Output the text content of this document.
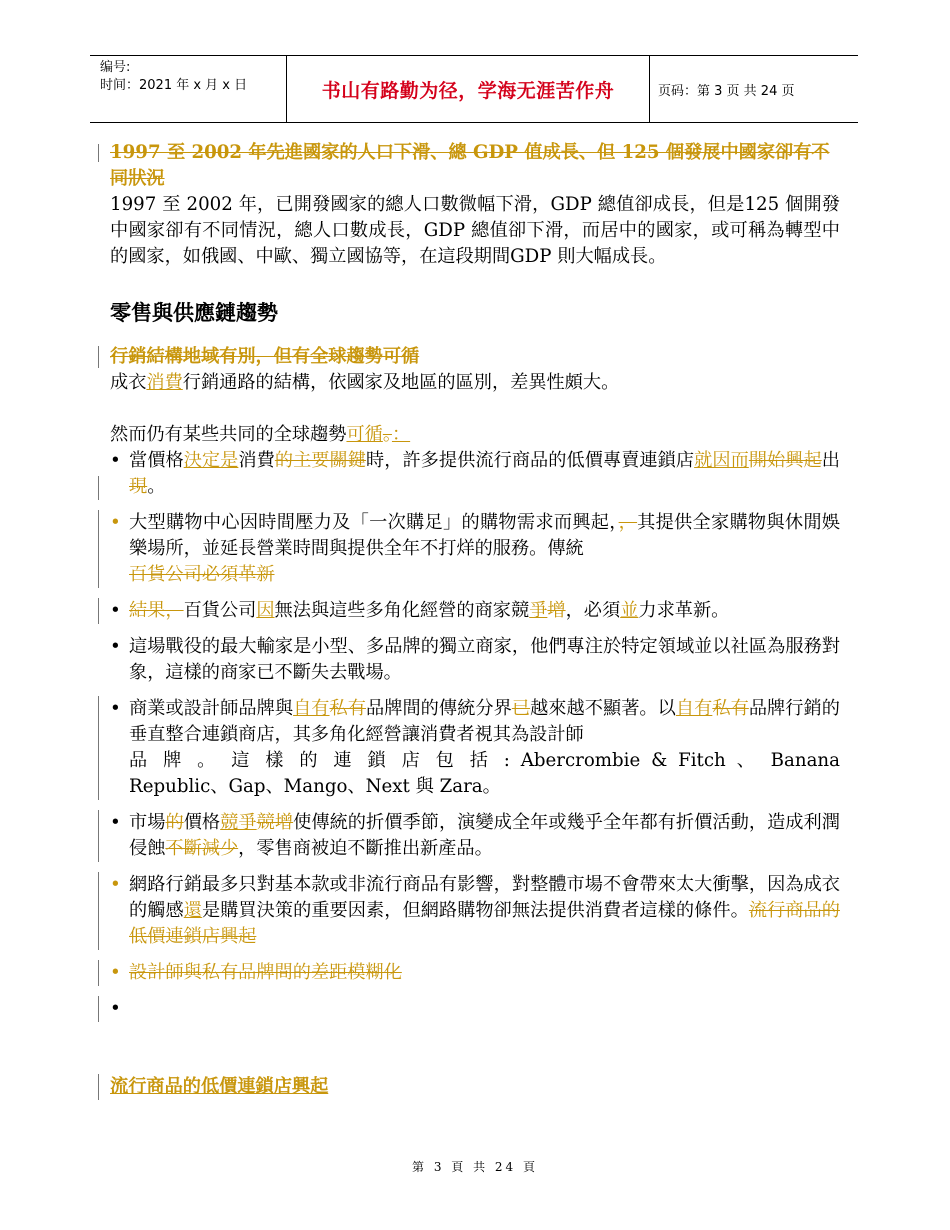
编号:
时间：2021 年 x 月 x 日	书山有路勤为径，学海无涯苦作舟	页码：第 3 页 共 24 页
1997 至 2002 年先進國家的人口下滑、總 GDP 值成長、但 125 個發展中國家卻有不同狀況
1997 至 2002 年，已開發國家的總人口數微幅下滑，GDP 總值卻成長，但是125 個開發中國家卻有不同情況，總人口數成長，GDP 總值卻下滑，而居中的國家，或可稱為轉型中的國家，如俄國、中歐、獨立國協等，在這段期間GDP 則大幅成長。
零售與供應鏈趨勢
行銷結構地域有別，但有全球趨勢可循
成衣消費行銷通路的結構，依國家及地區的區別，差異性頗大。
然而仍有某些共同的全球趨勢可循。：
• 當價格決定是消費的主要關鍵時，許多提供流行商品的低價專賣連鎖店就因而開始興起出現。
• 大型購物中心因時間壓力及「一次購足」的購物需求而興起，，其提供全家購物與休閒娛樂場所，並延長營業時間與提供全年不打烊的服務。傳統
百貨公司必須革新
• 結果，百貨公司因無法與這些多角化經營的商家競爭增，必須並力求革新。
• 這場戰役的最大輸家是小型、多品牌的獨立商家，他們專注於特定領域並以社區為服務對象，這樣的商家已不斷失去戰場。
• 商業或設計師品牌與自有私有品牌間的傳統分界已越來越不顯著。以自有私有品牌行銷的垂直整合連鎖商店，其多角化經營讓消費者視其為設計師
品 牌 。 這 樣 的 連 鎖 店 包 括 : Abercrombie & Fitch 、 Banana
Republic、Gap、Mango、Next 與 Zara。
• 市場的價格競爭競增使傳統的折價季節，演變成全年或幾乎全年都有折價活動，造成利潤侵蝕不斷減少，零售商被迫不斷推出新產品。
• 網路行銷最多只對基本款或非流行商品有影響，對整體市場不會帶來太大衝擊，因為成衣的觸感還是購買決策的重要因素，但網路購物卻無法提供消費者這樣的條件。流行商品的低價連鎖店興起
• 設計師與私有品牌間的差距模糊化
•
流行商品的低價連鎖店興起
第 3 頁 共 24 頁
